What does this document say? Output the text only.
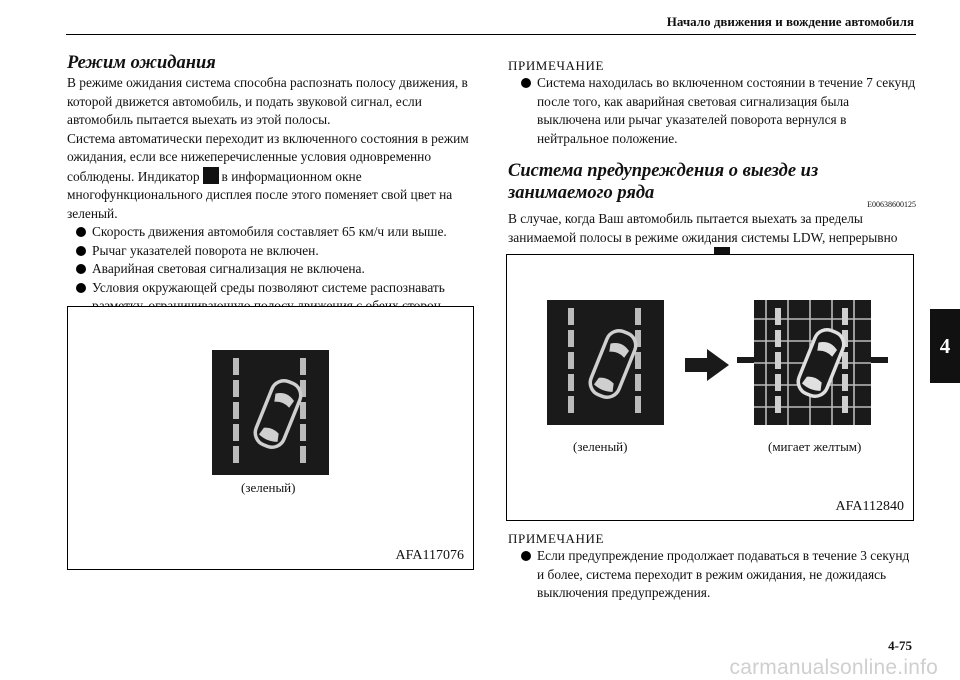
Начало движения и вождение автомобиля
4
Режим ожидания

В режиме ожидания система способна распознать полосу движения, в которой движется автомобиль, и подать звуковой сигнал, если автомобиль пытается выехать из этой полосы.

Система автоматически переходит из включенного состояния в режим ожидания, если все нижеперечисленные условия одновременно соблюдены. Индикатор в информационном окне многофункционального дисплея после этого поменяет свой цвет на зеленый.

Скорость движения автомобиля составляет 65 км/ч или выше.
Рычаг указателей поворота не включен.
Аварийная световая сигнализация не включена.
Условия окружающей среды позволяют системе распознавать
(зеленый)
AFA117076
ПРИМЕЧАНИЕ
Система находилась во включенном состоянии в течение 7 секунд после того, как аварийная световая сигнализация была выключена или рычаг указателей поворота вернулся в нейтральное положение.
Система предупреждения о выезде из занимаемого ряда
E00638600125

В случае, когда Ваш автомобиль пытается выехать за пределы занимаемой полосы в режиме ожидания системы LDW, непрерывно

(зеленый)	(мигает желтым)
AFA112840
ПРИМЕЧАНИЕ
Если предупреждение продолжает подаваться в течение 3 секунд и более, система переходит в режим ожидания, не дожидаясь выключения предупреждения.
4-75
carmanualsonline.info
